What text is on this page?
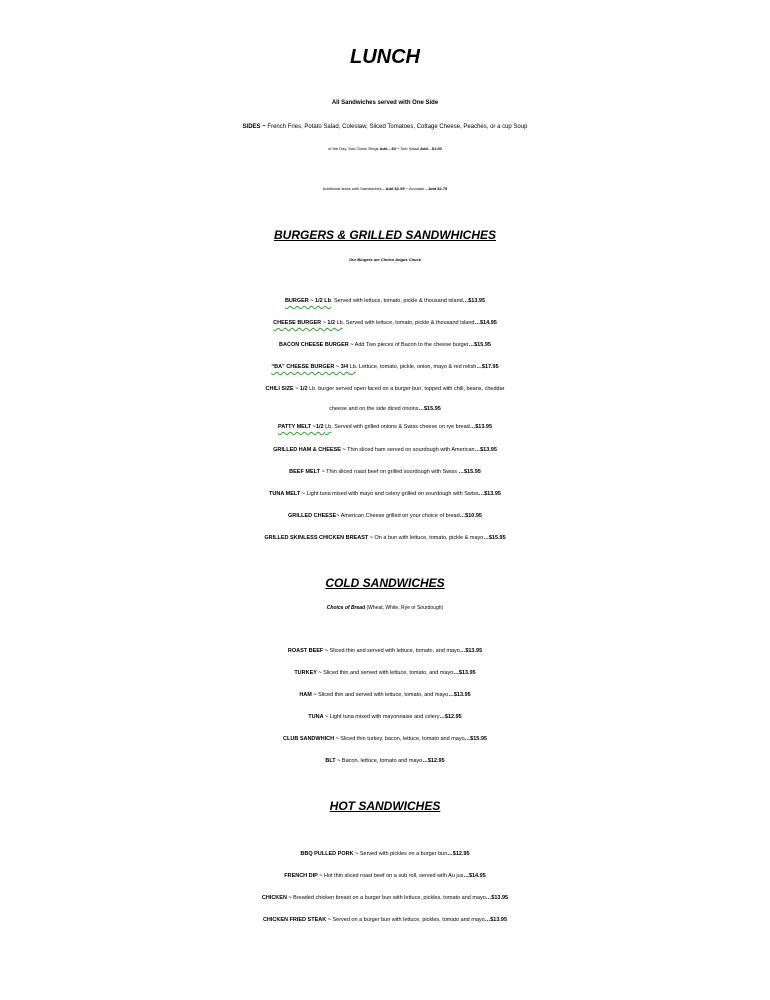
LUNCH
All Sandwiches served with One Side
SIDES ~ French Fries, Potato Salad, Coleslaw, Sliced Tomatoes, Cottage Cheese, Peaches, or a cup Soup
of the Day. Sub Onion Rings Add…$3 ~ Sub Salad Add…$1.50
Additional sides with Sandwiches…Add $2.95 ~ Avocado…Add $2.75
BURGERS & GRILLED SANDWHICHES
Our Burgers are Choice Angus Chuck
BURGER ~ 1/2 Lb. Served with lettuce, tomato, pickle & thousand island…$13.95
CHEESE BURGER ~ 1/2 Lb. Served with lettuce, tomato, pickle & thousand island…$14.95
BACON CHEESE BURGER ~ Add Two pieces of Bacon to the cheese burger…$15.95
“BA” CHEESE BURGER ~ 3/4 Lb. Lettuce, tomato, pickle, onion, mayo & red relish…$17.95
CHILI SIZE ~ 1/2 Lb. burger served open faced on a burger bun, topped with chili, beans, cheddar
cheese and on the side diced onions…$15.95
PATTY MELT ~1/2 Lb. Served with grilled onions & Swiss cheese on rye bread…$13.95
GRILLED HAM & CHEESE ~ Thin sliced ham served on sourdough with American…$13.95
BEEF MELT ~ Thin sliced roast beef on grilled sourdough with Swiss …$15.95
TUNA MELT ~ Light tuna mixed with mayo and celery grilled on sourdough with Swiss…$13.95
GRILLED CHEESE~ American Cheese grilled on your choice of bread…$10.95
GRILLED SKINLESS CHICKEN BREAST ~ On a bun with lettuce, tomato, pickle & mayo…$15.95
COLD SANDWICHES
Choice of Bread (Wheat, White, Rye or Sourdough)
ROAST BEEF ~ Sliced thin and served with lettuce, tomato, and mayo…$13.95
TURKEY ~ Sliced thin and served with lettuce, tomato, and mayo…$13.95
HAM ~ Sliced thin and served with lettuce, tomato, and mayo…$13.95
TUNA ~ Light tuna mixed with mayonnaise and celery…$12.95
CLUB SANDWHICH ~ Sliced thin turkey, bacon, lettuce, tomato and mayo…$15.95
BLT ~ Bacon, lettuce, tomato and mayo…$12.95
HOT SANDWICHES
BBQ PULLED PORK ~ Served with pickles on a burger bun…$12.95
FRENCH DIP ~ Hot thin sliced roast beef on a sub roll, served with Au jus…$14.95
CHICKEN ~ Breaded chicken breast on a burger bun with lettuce, pickles, tomato and mayo…$13.95
CHICKEN FRIED STEAK ~ Served on a burger bun with lettuce, pickles, tomato and mayo…$13.95
